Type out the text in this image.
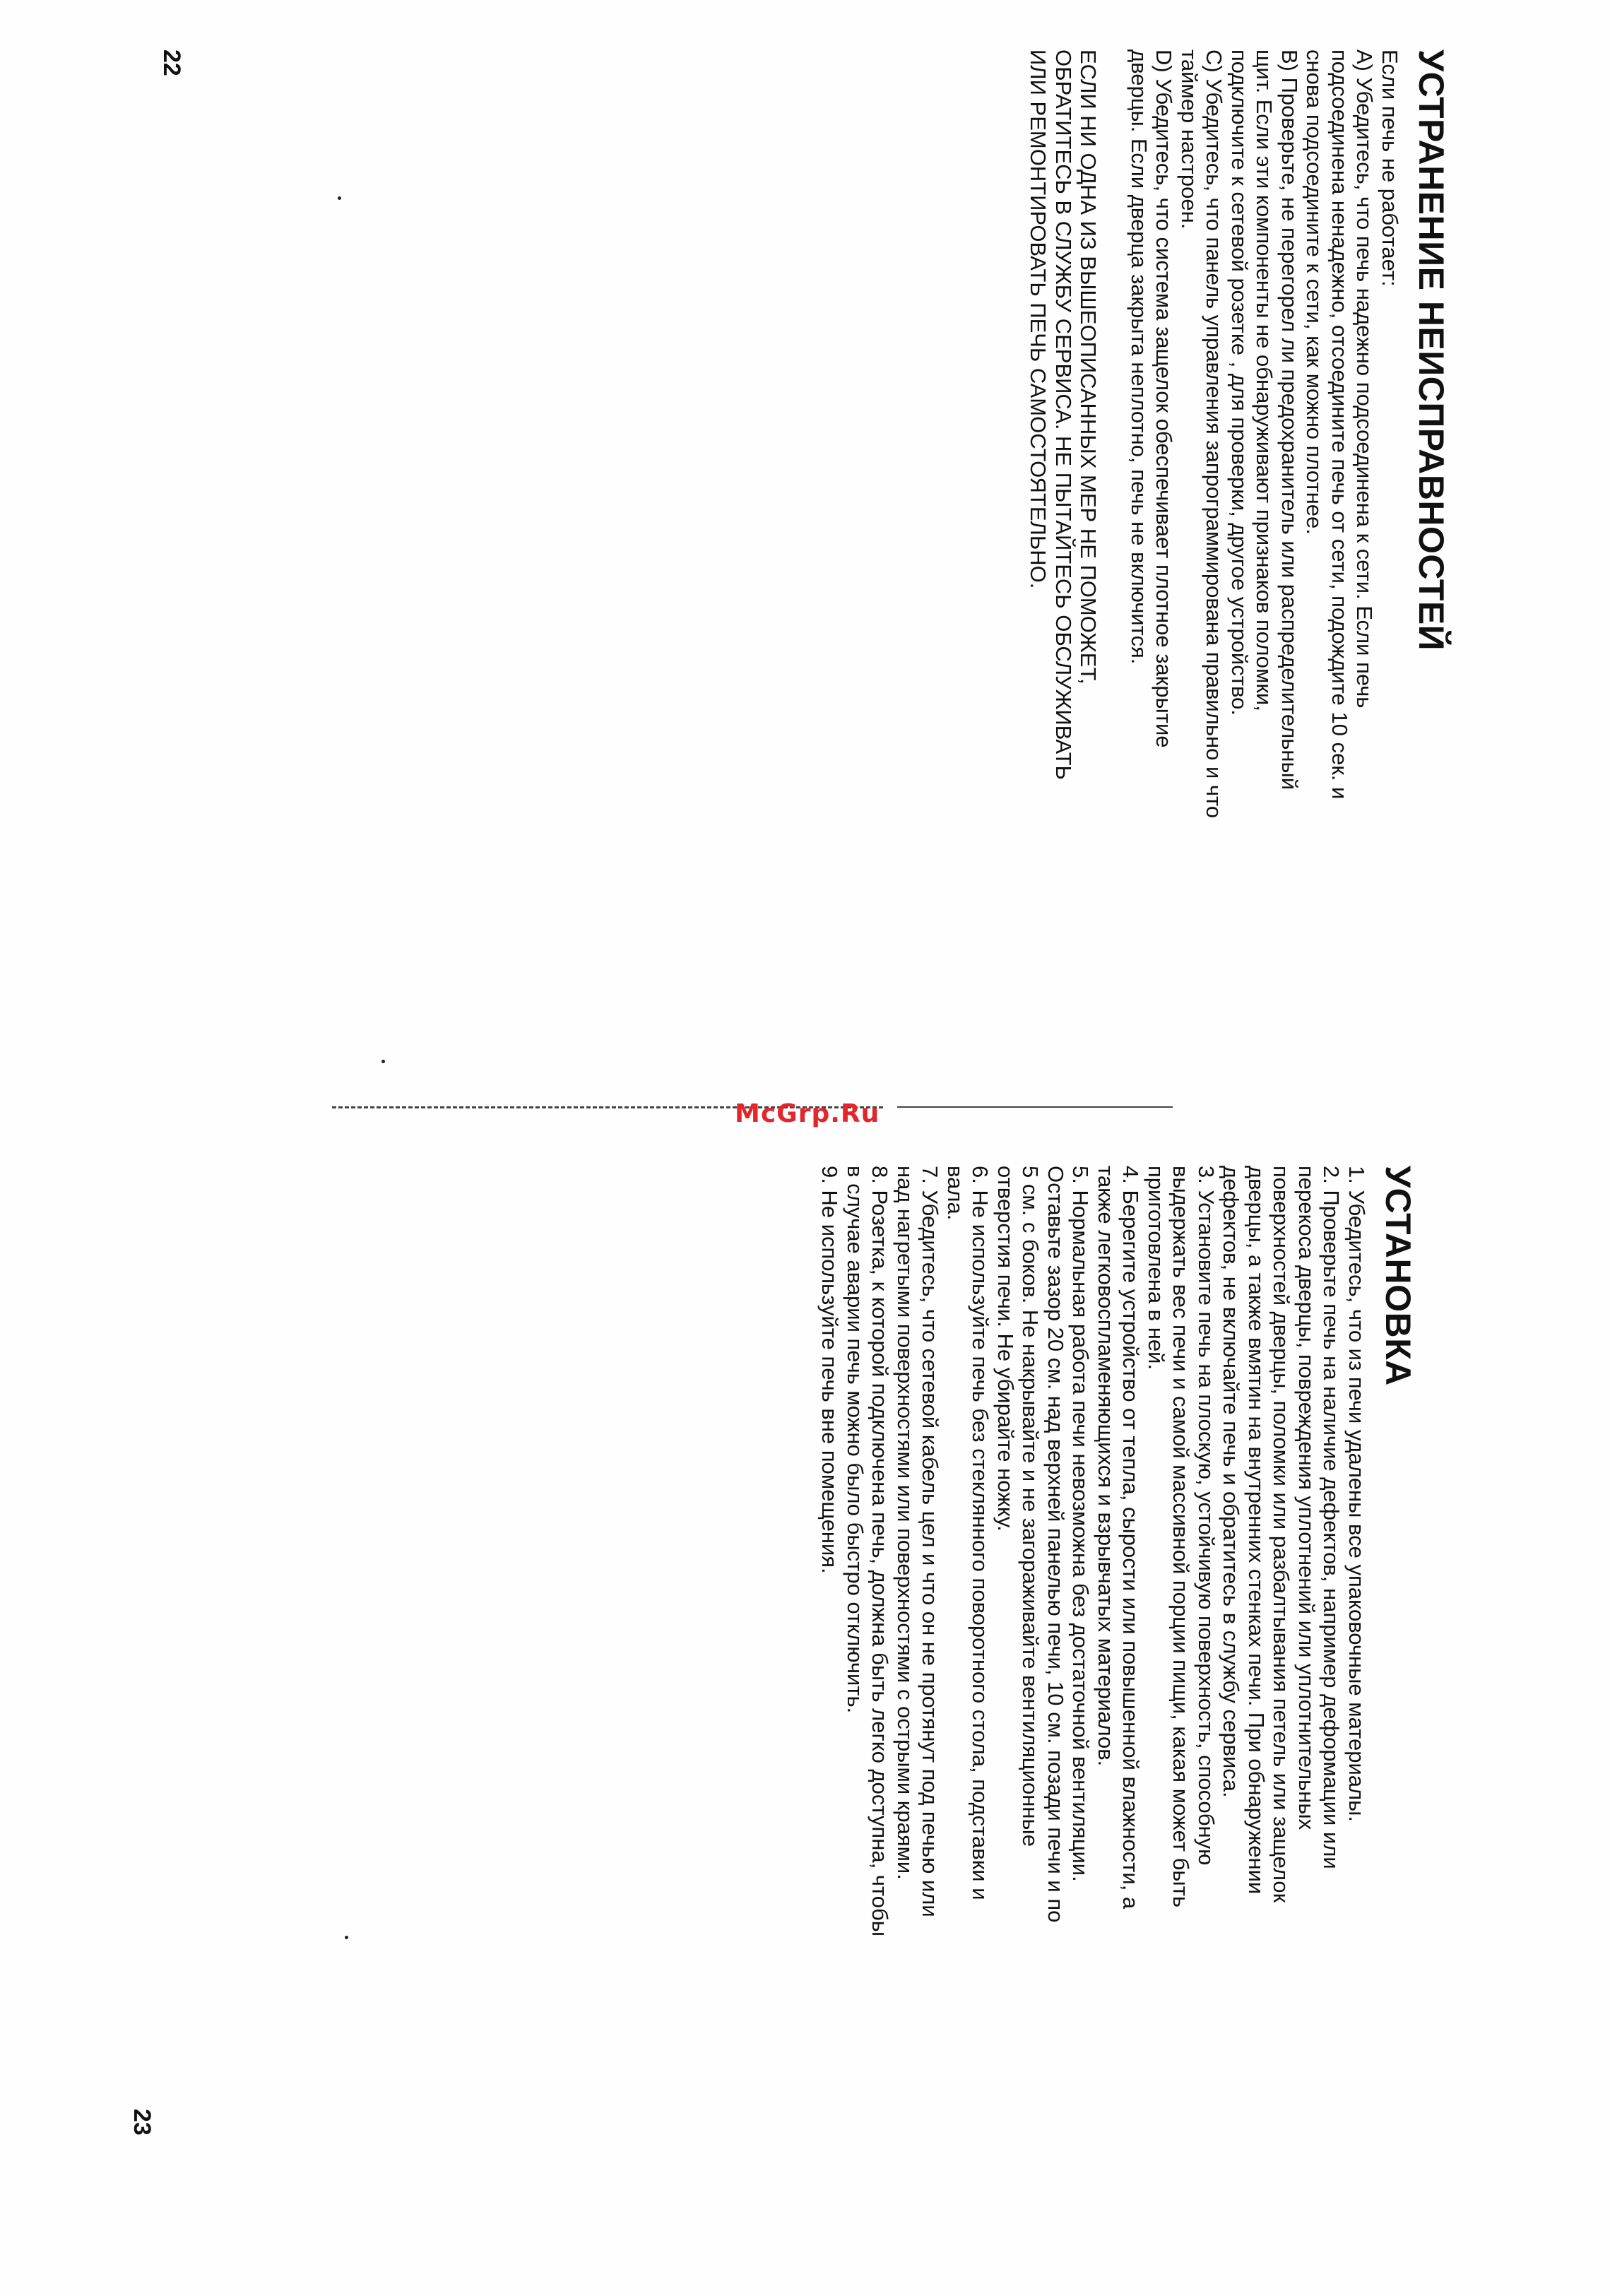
22

23

УСТРАНЕНИЕ НЕИСПРАВНОСТЕЙ

Если печь не работает:

A) Убедитесь, что печь надежно подсоединена к сети. Если печь

подсоединена ненадежно, отсоедините печь от сети, подождите 10 сек. и

снова подсоедините к сети, как можно плотнее.

B) Проверьте, не перегорел ли предохранитель или распределительный

щит. Если эти компоненты не обнаруживают признаков поломки,

подключите к сетевой розетке , для проверки, другое устройство.

C) Убедитесь, что панель управления запрограммирована правильно и что

таймер настроен.

D) Убедитесь, что система защелок обеспечивает плотное закрытие

дверцы. Если дверца закрыта неплотно, печь не включится.

ЕСЛИ НИ ОДНА ИЗ ВЫШЕОПИСАННЫХ МЕР НЕ ПОМОЖЕТ,

ОБРАТИТЕСЬ В СЛУЖБУ СЕРВИСА. НЕ ПЫТАЙТЕСЬ ОБСЛУЖИВАТЬ

ИЛИ РЕМОНТИРОВАТЬ ПЕЧЬ САМОСТОЯТЕЛЬНО.

УСТАНОВКА

1. Убедитесь, что из печи удалены все упаковочные материалы.

2. Проверьте печь на наличие дефектов, например деформации или

перекоса дверцы, повреждения уплотнений или уплотнительных

поверхностей дверцы, поломки или разбалтывания петель или защелок

дверцы, а также вмятин на внутренних стенках печи. При обнаружении

дефектов, не включайте печь и обратитесь в службу сервиса.

3. Установите печь на плоскую, устойчивую поверхность, способную

выдержать вес печи и самой массивной порции пищи, какая может быть

приготовлена в ней.

4. Берегите устройство от тепла, сырости или повышенной влажности, а

также легковоспламеняющихся и взрывчатых материалов.

5. Нормальная работа печи невозможна без достаточной вентиляции.

Оставьте зазор 20 см. над верхней панелью печи, 10 см. позади печи и по

5 см. с боков. Не накрывайте и не загораживайте вентиляционные

отверстия печи. Не убирайте ножку.

6. Не используйте печь без стеклянного поворотного стола, подставки и

вала.

7. Убедитесь, что сетевой кабель цел и что он не протянут под печью или

над нагретыми поверхностями или поверхностями с острыми краями.

8. Розетка, к которой подключена печь, должна быть легко доступна, чтобы

в случае аварии печь можно было быстро отключить.

9. Не используйте печь вне помещения.

McGrp.Ru
